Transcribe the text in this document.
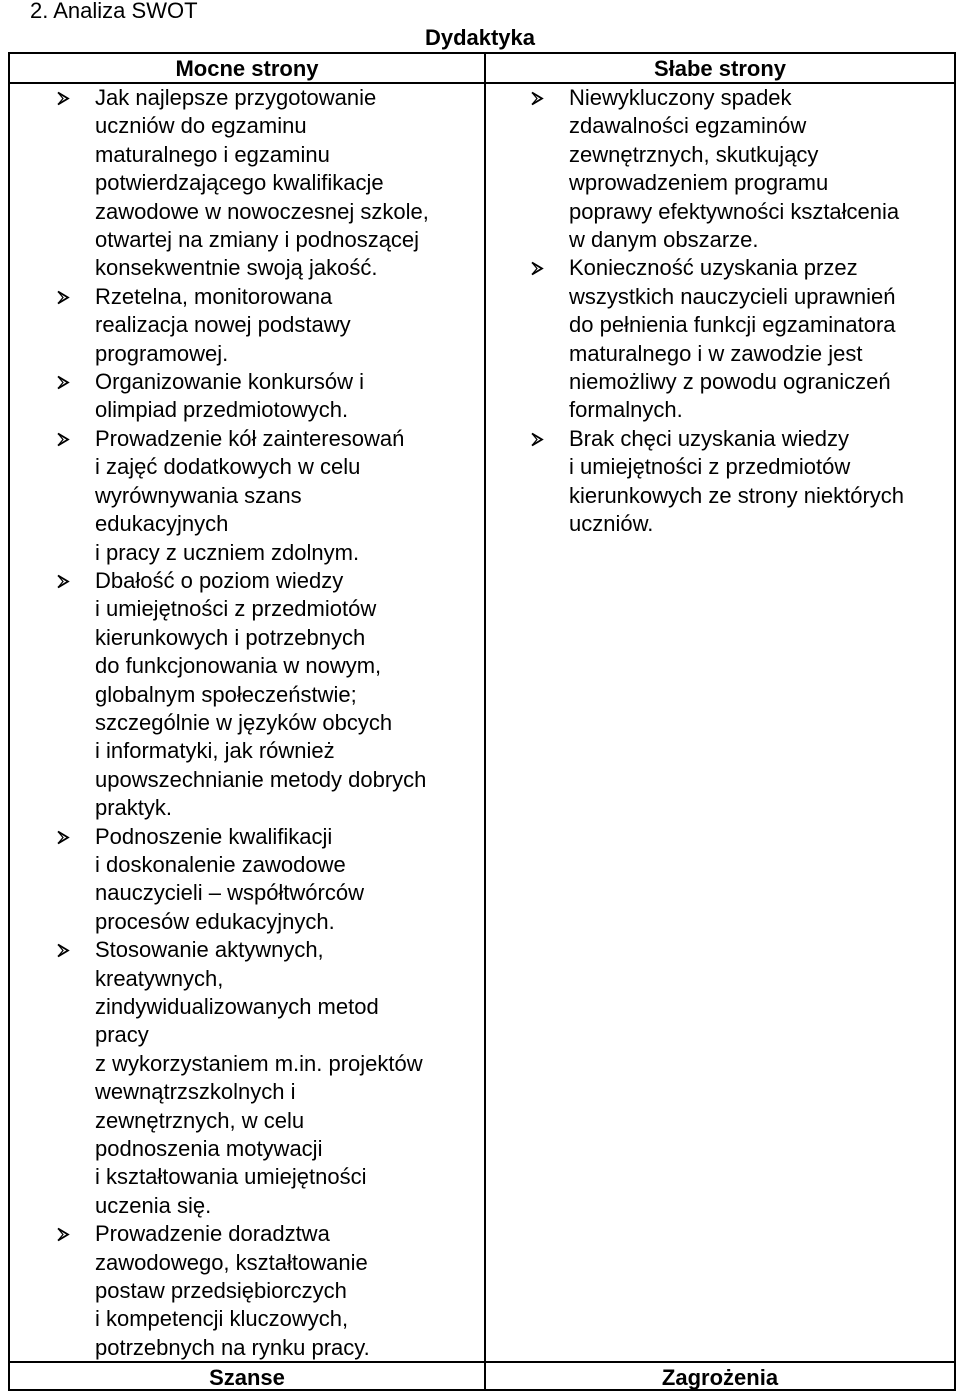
2. Analiza SWOT
Dydaktyka
Mocne strony	Słabe strony
Jak najlepsze przygotowanie
uczniów do egzaminu
maturalnego i egzaminu
potwierdzającego kwalifikacje
zawodowe w nowoczesnej szkole,
otwartej na zmiany i podnoszącej
konsekwentnie swoją jakość.
Rzetelna, monitorowana
realizacja nowej podstawy
programowej.
Organizowanie konkursów i
olimpiad przedmiotowych.
Prowadzenie kół zainteresowań
i zajęć dodatkowych w celu
wyrównywania szans
edukacyjnych
i pracy z uczniem zdolnym.
Dbałość o poziom wiedzy
i umiejętności z przedmiotów
kierunkowych i potrzebnych
do funkcjonowania w nowym,
globalnym społeczeństwie;
szczególnie w języków obcych
i informatyki, jak również
upowszechnianie metody dobrych
praktyk.
Podnoszenie kwalifikacji
i doskonalenie zawodowe
nauczycieli – współtwórców
procesów edukacyjnych.
Stosowanie aktywnych,
kreatywnych,
zindywidualizowanych metod
pracy
z wykorzystaniem m.in. projektów
wewnątrzszkolnych i
zewnętrznych, w celu
podnoszenia motywacji
i kształtowania umiejętności
uczenia się.
Prowadzenie doradztwa
zawodowego, kształtowanie
postaw przedsiębiorczych
i kompetencji kluczowych,
potrzebnych na rynku pracy.
Niewykluczony spadek
zdawalności egzaminów
zewnętrznych, skutkujący
wprowadzeniem programu
poprawy efektywności kształcenia
w danym obszarze.
Konieczność uzyskania przez
wszystkich nauczycieli uprawnień
do pełnienia funkcji egzaminatora
maturalnego i w zawodzie jest
niemożliwy z powodu ograniczeń
formalnych.
Brak chęci uzyskania wiedzy
i umiejętności z przedmiotów
kierunkowych ze strony niektórych
uczniów.
Szanse	Zagrożenia
